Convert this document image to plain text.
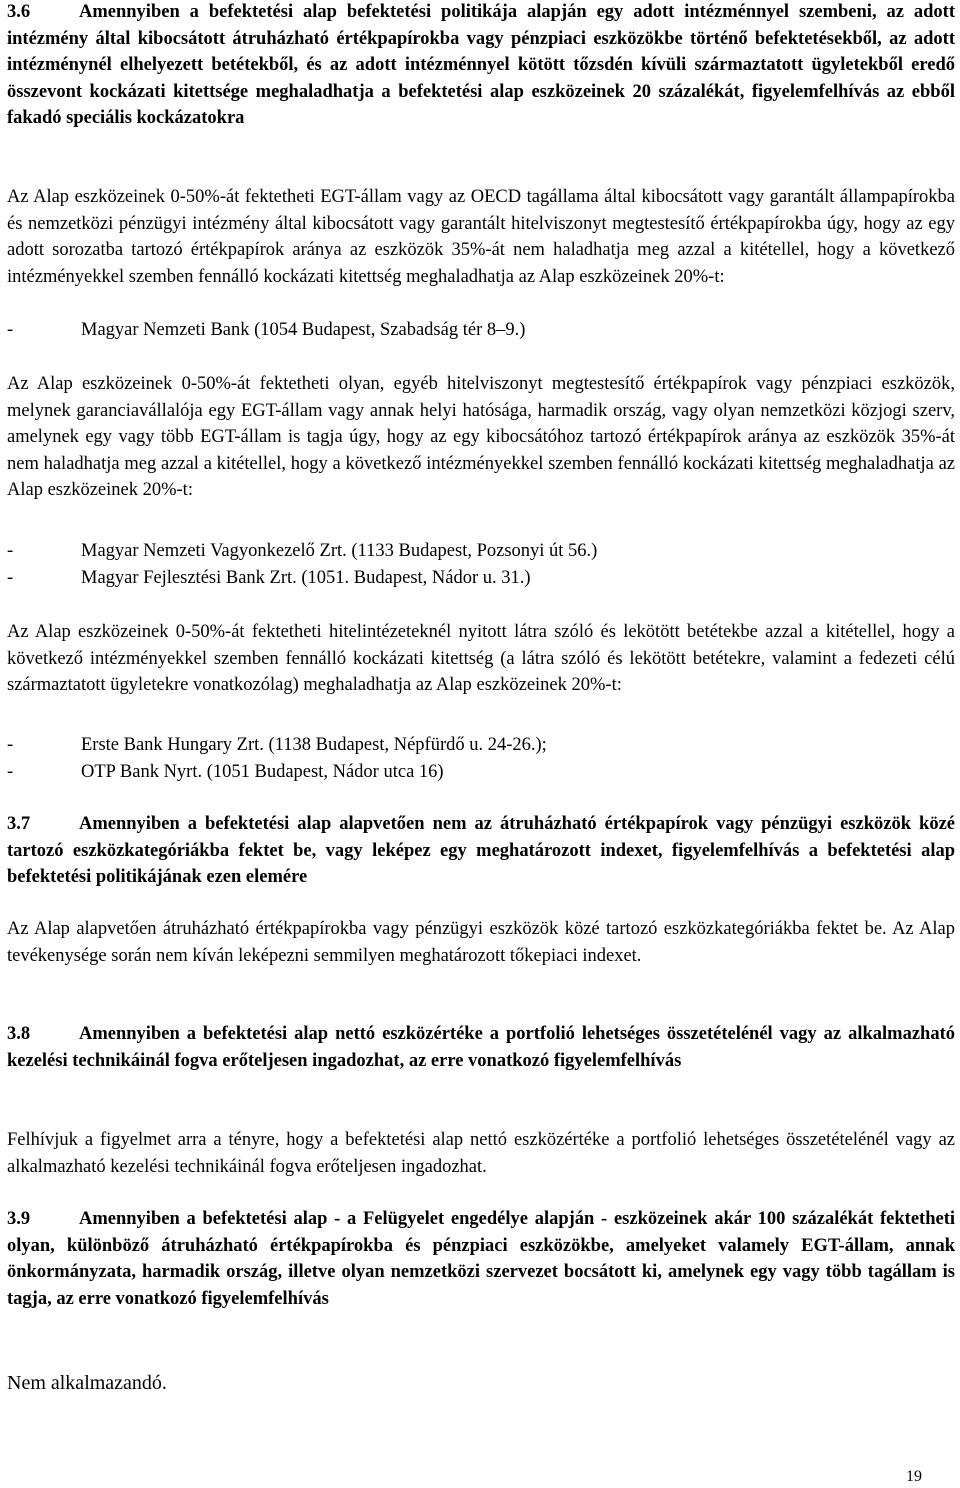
3.6	Amennyiben a befektetési alap befektetési politikája alapján egy adott intézménnyel szembeni, az adott intézmény által kibocsátott átruházható értékpapírokba vagy pénzpiaci eszközökbe történő befektetésekből, az adott intézménynél elhelyezett betétekből, és az adott intézménnyel kötött tőzsdén kívüli származtatott ügyletekből eredő összevont kockázati kitettsége meghaladhatja a befektetési alap eszközeinek 20 százalékát, figyelemfelhívás az ebből fakadó speciális kockázatokra

Az Alap eszközeinek 0-50%-át fektetheti EGT-állam vagy az OECD tagállama által kibocsátott vagy garantált állampapírokba és nemzetközi pénzügyi intézmény által kibocsátott vagy garantált hitelviszonyt megtestesítő értékpapírokba úgy, hogy az egy adott sorozatba tartozó értékpapírok aránya az eszközök 35%-át nem haladhatja meg azzal a kitétellel, hogy a következő intézményekkel szemben fennálló kockázati kitettség meghaladhatja az Alap eszközeinek 20%-t:

-	Magyar Nemzeti Bank (1054 Budapest, Szabadság tér 8–9.)

Az Alap eszközeinek 0-50%-át fektetheti olyan, egyéb hitelviszonyt megtestesítő értékpapírok vagy pénzpiaci eszközök, melynek garanciavállalója egy EGT-állam vagy annak helyi hatósága, harmadik ország, vagy olyan nemzetközi közjogi szerv, amelynek egy vagy több EGT-állam is tagja úgy, hogy az egy kibocsátóhoz tartozó értékpapírok aránya az eszközök 35%-át nem haladhatja meg azzal a kitétellel, hogy a következő intézményekkel szemben fennálló kockázati kitettség meghaladhatja az Alap eszközeinek 20%-t:

-	Magyar Nemzeti Vagyonkezelő Zrt. (1133 Budapest, Pozsonyi út 56.)
-	Magyar Fejlesztési Bank Zrt. (1051. Budapest, Nádor u. 31.)

Az Alap eszközeinek 0-50%-át fektetheti hitelintézeteknél nyitott látra szóló és lekötött betétekbe azzal a kitétellel, hogy a következő intézményekkel szemben fennálló kockázati kitettség (a látra szóló és lekötött betétekre, valamint a fedezeti célú származtatott ügyletekre vonatkozólag) meghaladhatja az Alap eszközeinek 20%-t:

-	Erste Bank Hungary Zrt. (1138 Budapest, Népfürdő u. 24-26.);
-	OTP Bank Nyrt. (1051 Budapest, Nádor utca 16)

3.7	Amennyiben a befektetési alap alapvetően nem az átruházható értékpapírok vagy pénzügyi eszközök közé tartozó eszközkategóriákba fektet be, vagy leképez egy meghatározott indexet, figyelemfelhívás a befektetési alap befektetési politikájának ezen elemére

Az Alap alapvetően átruházható értékpapírokba vagy pénzügyi eszközök közé tartozó eszközkategóriákba fektet be. Az Alap tevékenysége során nem kíván leképezni semmilyen meghatározott tőkepiaci indexet.

3.8	Amennyiben a befektetési alap nettó eszközértéke a portfolió lehetséges összetételénél vagy az alkalmazható kezelési technikáinál fogva erőteljesen ingadozhat, az erre vonatkozó figyelemfelhívás

Felhívjuk a figyelmet arra a tényre, hogy a befektetési alap nettó eszközértéke a portfolió lehetséges összetételénél vagy az alkalmazható kezelési technikáinál fogva erőteljesen ingadozhat.

3.9	Amennyiben a befektetési alap - a Felügyelet engedélye alapján - eszközeinek akár 100 százalékát fektetheti olyan, különböző átruházható értékpapírokba és pénzpiaci eszközökbe, amelyeket valamely EGT-állam, annak önkormányzata, harmadik ország, illetve olyan nemzetközi szervezet bocsátott ki, amelynek egy vagy több tagállam is tagja, az erre vonatkozó figyelemfelhívás

Nem alkalmazandó.

19
